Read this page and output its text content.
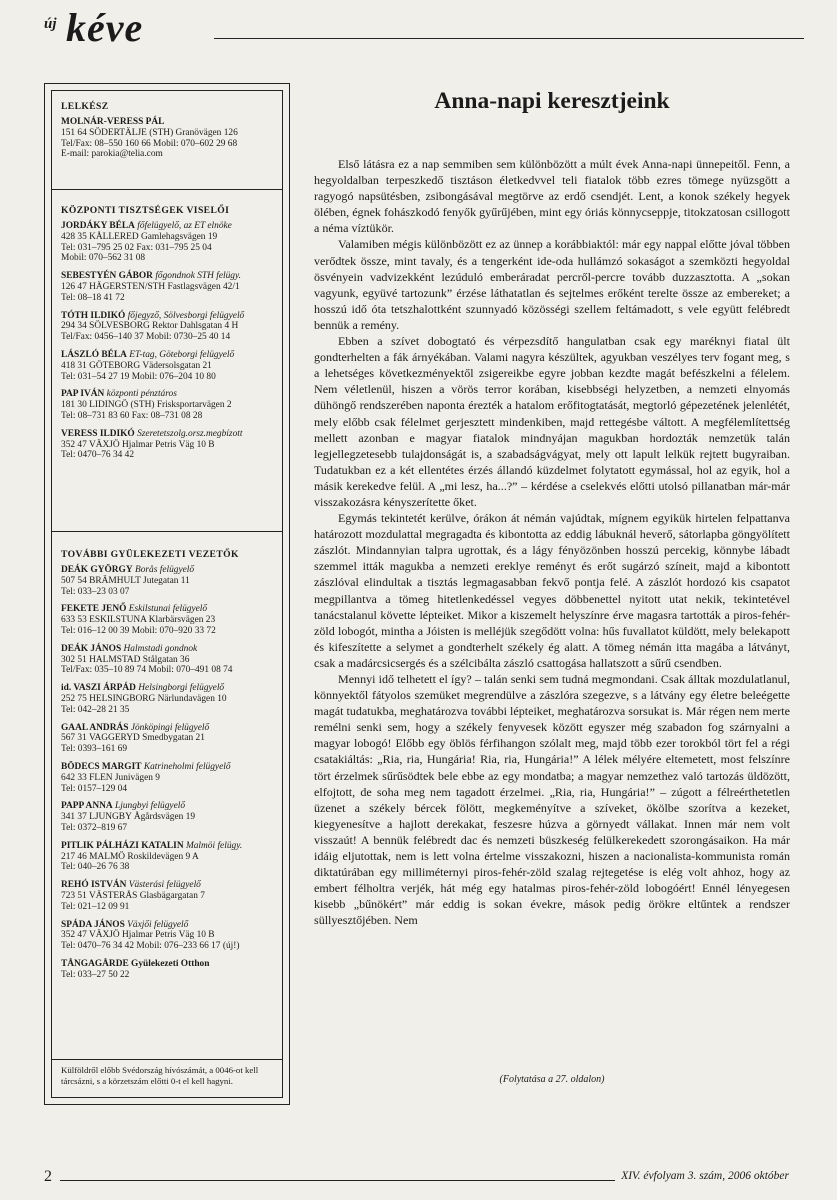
új kéve
LELKÉSZ
MOLNÁR-VERESS PÁL
151 64 SÖDERTÄLJE (STH) Granövägen 126
Tel/Fax: 08–550 160 66 Mobil: 070–602 29 68
E-mail: parokia@telia.com
KÖZPONTI TISZTSÉGEK VISELŐI
JORDÁKY BÉLA főfelügyelő, az ET elnöke
428 35 KÅLLERED Gamlehagsvägen 19
Tel: 031–795 25 02 Fax: 031–795 25 04
Mobil: 070–562 31 08
SEBESTYÉN GÁBOR főgondnok STH felügy.
126 47 HÄGERSTEN/STH Fastlagsvägen 42/1
Tel: 08–18 41 72
TÓTH ILDIKÓ főjegyző, Sölvesborgi felügyelő
294 34 SÖLVESBORG Rektor Dahlsgatan 4 H
Tel/Fax: 0456–140 37 Mobil: 0730–25 40 14
LÁSZLÓ BÉLA ET-tag, Göteborgi felügyelő
418 31 GÖTEBORG Vädersolsgatan 21
Tel: 031–54 27 19 Mobil: 076–204 10 80
PAP IVÁN központi pénztáros
181 30 LIDINGÖ (STH) Frisksportarvägen 2
Tel: 08–731 83 60 Fax: 08–731 08 28
VERESS ILDIKÓ Szeretetszolg.orsz.megbízott
352 47 VÄXJÖ Hjalmar Petris Väg 10 B
Tel: 0470–76 34 42
TOVÁBBI GYÜLEKEZETI VEZETŐK
DEÁK GYÖRGY Borås felügyelő
507 54 BRÄMHULT Jutegatan 11
Tel: 033–23 03 07
FEKETE JENŐ Eskilstunai felügyelő
633 53 ESKILSTUNA Klarbärsvägen 23
Tel: 016–12 00 39 Mobil: 070–920 33 72
DEÁK JÁNOS Halmstadi gondnok
302 51 HALMSTAD Stålgatan 36
Tel/Fax: 035–10 89 74 Mobil: 070–491 08 74
id. VASZI ÁRPÁD Helsingborgi felügyelő
252 75 HELSINGBORG Närlundavägen 10
Tel: 042–28 21 35
GAAL ANDRÁS Jönköpingi felügyelő
567 31 VAGGERYD Smedbygatan 21
Tel: 0393–161 69
BÖDECS MARGIT Katrineholmi felügyelő
642 33 FLEN Junivägen 9
Tel: 0157–129 04
PAPP ANNA Ljungbyi felügyelő
341 37 LJUNGBY Ågårdsvägen 19
Tel: 0372–819 67
PITLIK PÁLHÁZI KATALIN Malmöi felügy.
217 46 MALMÖ Roskildevägen 9 A
Tel: 040–26 76 38
REHÓ ISTVÁN Västerási felügyelő
723 51 VÄSTERÅS Glasbägargatan 7
Tel: 021–12 09 91
SPÁDA JÁNOS Växjői felügyelő
352 47 VÄXJÖ Hjalmar Petris Väg 10 B
Tel: 0470–76 34 42 Mobil: 076–233 66 17 (új!)
TÅNGAGÅRDE Gyülekezeti Otthon
Tel: 033–27 50 22
Külföldről előbb Svédország hívószámát, a 0046-ot kell tárcsázni, s a körzetszám előtti 0-t el kell hagyni.
Anna-napi keresztjeink

Első látásra ez a nap semmiben sem különbözött a múlt évek Anna-napi ünnepeitől. Fenn, a hegyoldalban terpeszkedő tisztáson életkedvvel teli fiatalok több ezres tömege nyüzsgött a ragyogó napsütésben, zsibongásával megtörve az erdő csendjét. Lent, a konok székely hegyek ölében, égnek fohászkodó fenyők gyűrűjében, mint egy óriás könnycseppje, titokzatosan csillogott a néma víztükör.

Valamiben mégis különbözött ez az ünnep a korábbiaktól: már egy nappal előtte jóval többen verődtek össze, mint tavaly, és a tengerként ide-oda hullámzó sokaságot a szemközti hegyoldal ösvényein vadvizekként lezúduló emberáradat percről-percre tovább duzzasztotta. A „sokan vagyunk, együvé tartozunk” érzése láthatatlan és sejtelmes erőként terelte össze az embereket; a hosszú idő óta tetszhalottként szunnyadó közösségi szellem feltámadott, s vele együtt felébredt bennük a remény.

Ebben a szívet dobogtató és vérpezsdítő hangulatban csak egy maréknyi fiatal ült gondterhelten a fák árnyékában. Valami nagyra készültek, agyukban veszélyes terv fogant meg, s a lehetséges következményektől zsigereikbe egyre jobban kezdte magát befészkelni a félelem. Nem véletlenül, hiszen a vörös terror korában, kisebbségi helyzetben, a nemzeti elnyomás dühöngő rendszerében naponta érezték a hatalom erőfitogtatását, megtorló gépezetének jelenlétét, mely előbb csak félelmet gerjesztett mindenkiben, majd rettegésbe váltott. A megfélemlítettség mellett azonban e magyar fiatalok mindnyájan magukban hordozták nemzetük talán legjellegzetesebb tulajdonságát is, a szabadságvágyat, mely ott lapult lelkük rejtett bugyraiban. Tudatukban ez a két ellentétes érzés állandó küzdelmet folytatott egymással, hol az egyik, hol a másik kerekedve felül. A „mi lesz, ha...?” – kérdése a cselekvés előtti utolsó pillanatban már-már visszakozásra kényszerítette őket.

Egymás tekintetét kerülve, órákon át némán vajúdtak, mígnem egyikük hirtelen felpattanva határozott mozdulattal megragadta és kibontotta az eddig lábuknál heverő, sátorlapba göngyölített zászlót. Mindannyian talpra ugrottak, és a lágy fényözönben hosszú percekig, könnybe lábadt szemmel itták magukba a nemzeti ereklye reményt és erőt sugárzó színeit, majd a kibontott zászlóval elindultak a tisztás legmagasabban fekvő pontja felé. A zászlót hordozó kis csapatot megpillantva a tömeg hitetlenkedéssel vegyes döbbenettel nyitott utat nekik, tekintetével tanácstalanul követte lépteiket. Mikor a kiszemelt helyszínre érve magasra tartották a piros-fehér-zöld lobogót, mintha a Jóisten is melléjük szegődött volna: hűs fuvallatot küldött, mely belekapott és kifeszítette a selymet a gondterhelt székely ég alatt. A tömeg némán itta magába a látványt, csak a madárcsicsergés és a szélcibálta zászló csattogása hallatszott a sűrű csendben.

Mennyi idő telhetett el így? – talán senki sem tudná megmondani. Csak álltak mozdulatlanul, könnyektől fátyolos szemüket megrendülve a zászlóra szegezve, s a látvány egy életre beleégette magát tudatukba, meghatározva további lépteiket, meghatározva sorsukat is. Már régen nem merte remélni senki sem, hogy a székely fenyvesek között egyszer még szabadon fog szárnyalni a magyar lobogó! Előbb egy öblös férfihangon szólalt meg, majd több ezer torokból tört fel a régi csatakiáltás: „Ria, ria, Hungária! Ria, ria, Hungária!” A lélek mélyére eltemetett, most felszínre tört érzelmek sűrűsödtek bele ebbe az egy mondatba; a magyar nemzethez való tartozás üldözött, elfojtott, de soha meg nem tagadott érzelmei. „Ria, ria, Hungária!” – zúgott a félreérthetetlen üzenet a székely bércek fölött, megkeményítve a szíveket, ökölbe szorítva a kezeket, kiegyenesítve a hajlott derekakat, feszesre húzva a görnyedt vállakat. Innen már nem volt visszaút! A bennük felébredt dac és nemzeti büszkeség felülkerekedett szorongásaikon. Ha már idáig eljutottak, nem is lett volna értelme visszakozni, hiszen a nacionalista-kommunista román diktatúrában egy milliméternyi piros-fehér-zöld szalag rejtegetése is elég volt ahhoz, hogy az embert félholtra verjék, hát még egy hatalmas piros-fehér-zöld lobogóért! Ennél lényegesen kisebb „bűnökért” már eddig is sokan évekre, mások pedig örökre eltűntek a rendszer süllyesztőjében. Nem

(Folytatása a 27. oldalon)
2	XIV. évfolyam 3. szám, 2006 október
